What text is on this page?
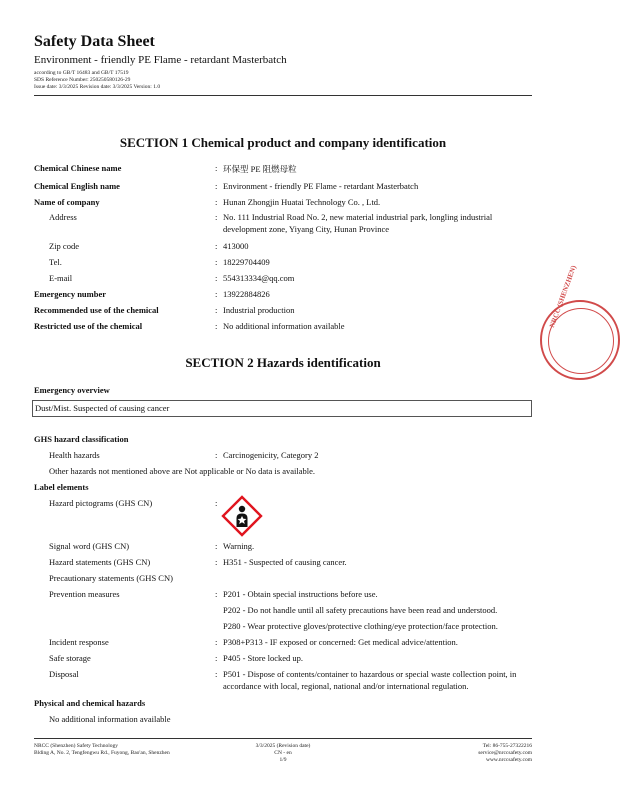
Safety Data Sheet
Environment - friendly PE Flame - retardant Masterbatch
according to GB/T 16483 and GB/T 17519
SDS Reference Number: 250250580126-29
Issue date: 3/3/2025 Revision date: 3/3/2025 Version: 1.0
SECTION 1 Chemical product and company identification
Chemical Chinese name	: 环保型 PE 阻燃母粒
Chemical English name	: Environment - friendly PE Flame - retardant Masterbatch
Name of company	: Hunan Zhongjin Huatai Technology Co. , Ltd.
Address	: No. 111 Industrial Road No. 2, new material industrial park, longling industrial development zone, Yiyang City, Hunan Province
Zip code	: 413000
Tel.	: 18229704409
E-mail	: 554313334@qq.com
Emergency number	: 13922884826
Recommended use of the chemical	: Industrial production
Restricted use of the chemical	: No additional information available
SECTION 2 Hazards identification
Emergency overview
Dust/Mist. Suspected of causing cancer
GHS hazard classification
Health hazards	: Carcinogenicity, Category 2
Other hazards not mentioned above are Not applicable or No data is available.
Label elements
Hazard pictograms (GHS CN)	:
Signal word (GHS CN)	: Warning.
Hazard statements (GHS CN)	: H351 - Suspected of causing cancer.
Precautionary statements (GHS CN)
Prevention measures	: P201 - Obtain special instructions before use.
P202 - Do not handle until all safety precautions have been read and understood.
P280 - Wear protective gloves/protective clothing/eye protection/face protection.
Incident response	: P308+P313 - IF exposed or concerned: Get medical advice/attention.
Safe storage	: P405 - Store locked up.
Disposal	: P501 - Dispose of contents/container to hazardous or special waste collection point, in accordance with local, regional, national and/or international regulation.
Physical and chemical hazards
No additional information available
NRCC (Shenzhen) Safety Technology
Blding A, No. 2, Tengfengwu Rd., Fuyong, Bao'an, Shenzhen
3/3/2025 (Revision date)
CN - en
1/9
Tel: 86-755-27322216
service@nrccsafety.com
www.nrccsafety.com
NRCC (SHENZHEN)
